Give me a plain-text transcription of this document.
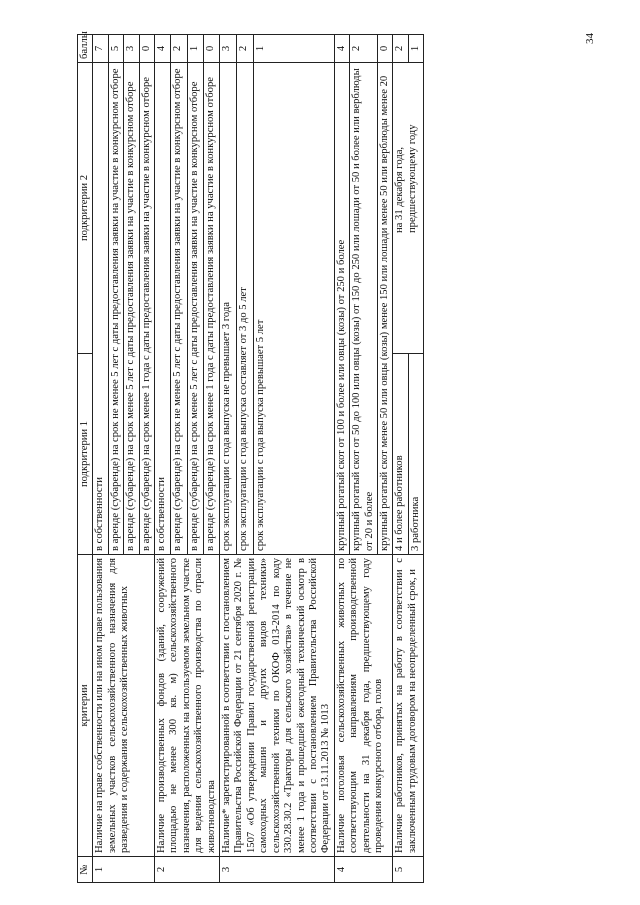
№	критерии	подкритерии 1	подкритерии 2	баллы
1	Наличие на праве собственности или на ином праве пользования земельных участков сельскохозяйственного назначения для разведения и содержания сельскохозяйственных животных	в собственности		7
		в аренде (субаренде) на срок не менее 5 лет с даты предоставления заявки на участие в конкурсном отборе		5
		в аренде (субаренде) на срок менее 5 лет с даты предоставления заявки на участие в конкурсном отборе		3
		в аренде (субаренде) на срок менее 1 года с даты предоставления заявки на участие в конкурсном отборе		0
2	Наличие производственных фондов (зданий, сооружений площадью не менее 300 кв. м) сельскохозяйственного назначения, расположенных на используемом земельном участке для ведения сельскохозяйственного производства по отрасли животноводства	в собственности		4
		в аренде (субаренде) на срок не менее 5 лет с даты предоставления заявки на участие в конкурсном отборе		2
		в аренде (субаренде) на срок менее 5 лет с даты предоставления заявки на участие в конкурсном отборе		1
		в аренде (субаренде) на срок менее 1 года с даты предоставления заявки на участие в конкурсном отборе		0
3	Наличие* зарегистрированной в соответствии с постановлением Правительства Российской Федерации от 21 сентября 2020 г. № 1507 «Об утверждении Правил государственной регистрации самоходных машин и других видов техники» сельскохозяйственной техники по ОКОФ 013-2014 по коду 330.28.30.2 «Тракторы для сельского хозяйства» в течение не менее 1 года и прошедшей ежегодный технический осмотр в соответствии с постановлением Правительства Российской Федерации от 13.11.2013 № 1013	срок эксплуатации с года выпуска не превышает 3 года		3
		срок эксплуатации с года выпуска составляет от 3 до 5 лет		2
		срок эксплуатации с года выпуска превышает 5 лет		1
4	Наличие поголовья сельскохозяйственных животных по соответствующим направлениям производственной деятельности на 31 декабря года, предшествующему году проведения конкурсного отбора, голов	крупный рогатый скот от 100 и более или овцы (козы) от 250 и более		4
		крупный рогатый скот от 50 до 100 или овцы (козы) от 150 до 250 или лошади от 50 и более или верблюды от 20 и более		2
		крупный рогатый скот менее 50 или овцы (козы) менее 150 или лошади менее 50 или верблюды менее 20		0
5	Наличие работников, принятых на работу в соответствии с заключенным трудовым договором на неопределенный срок, и	4 и более работников	на 31 декабря года, предшествующему году	2
		3 работника		1
34
